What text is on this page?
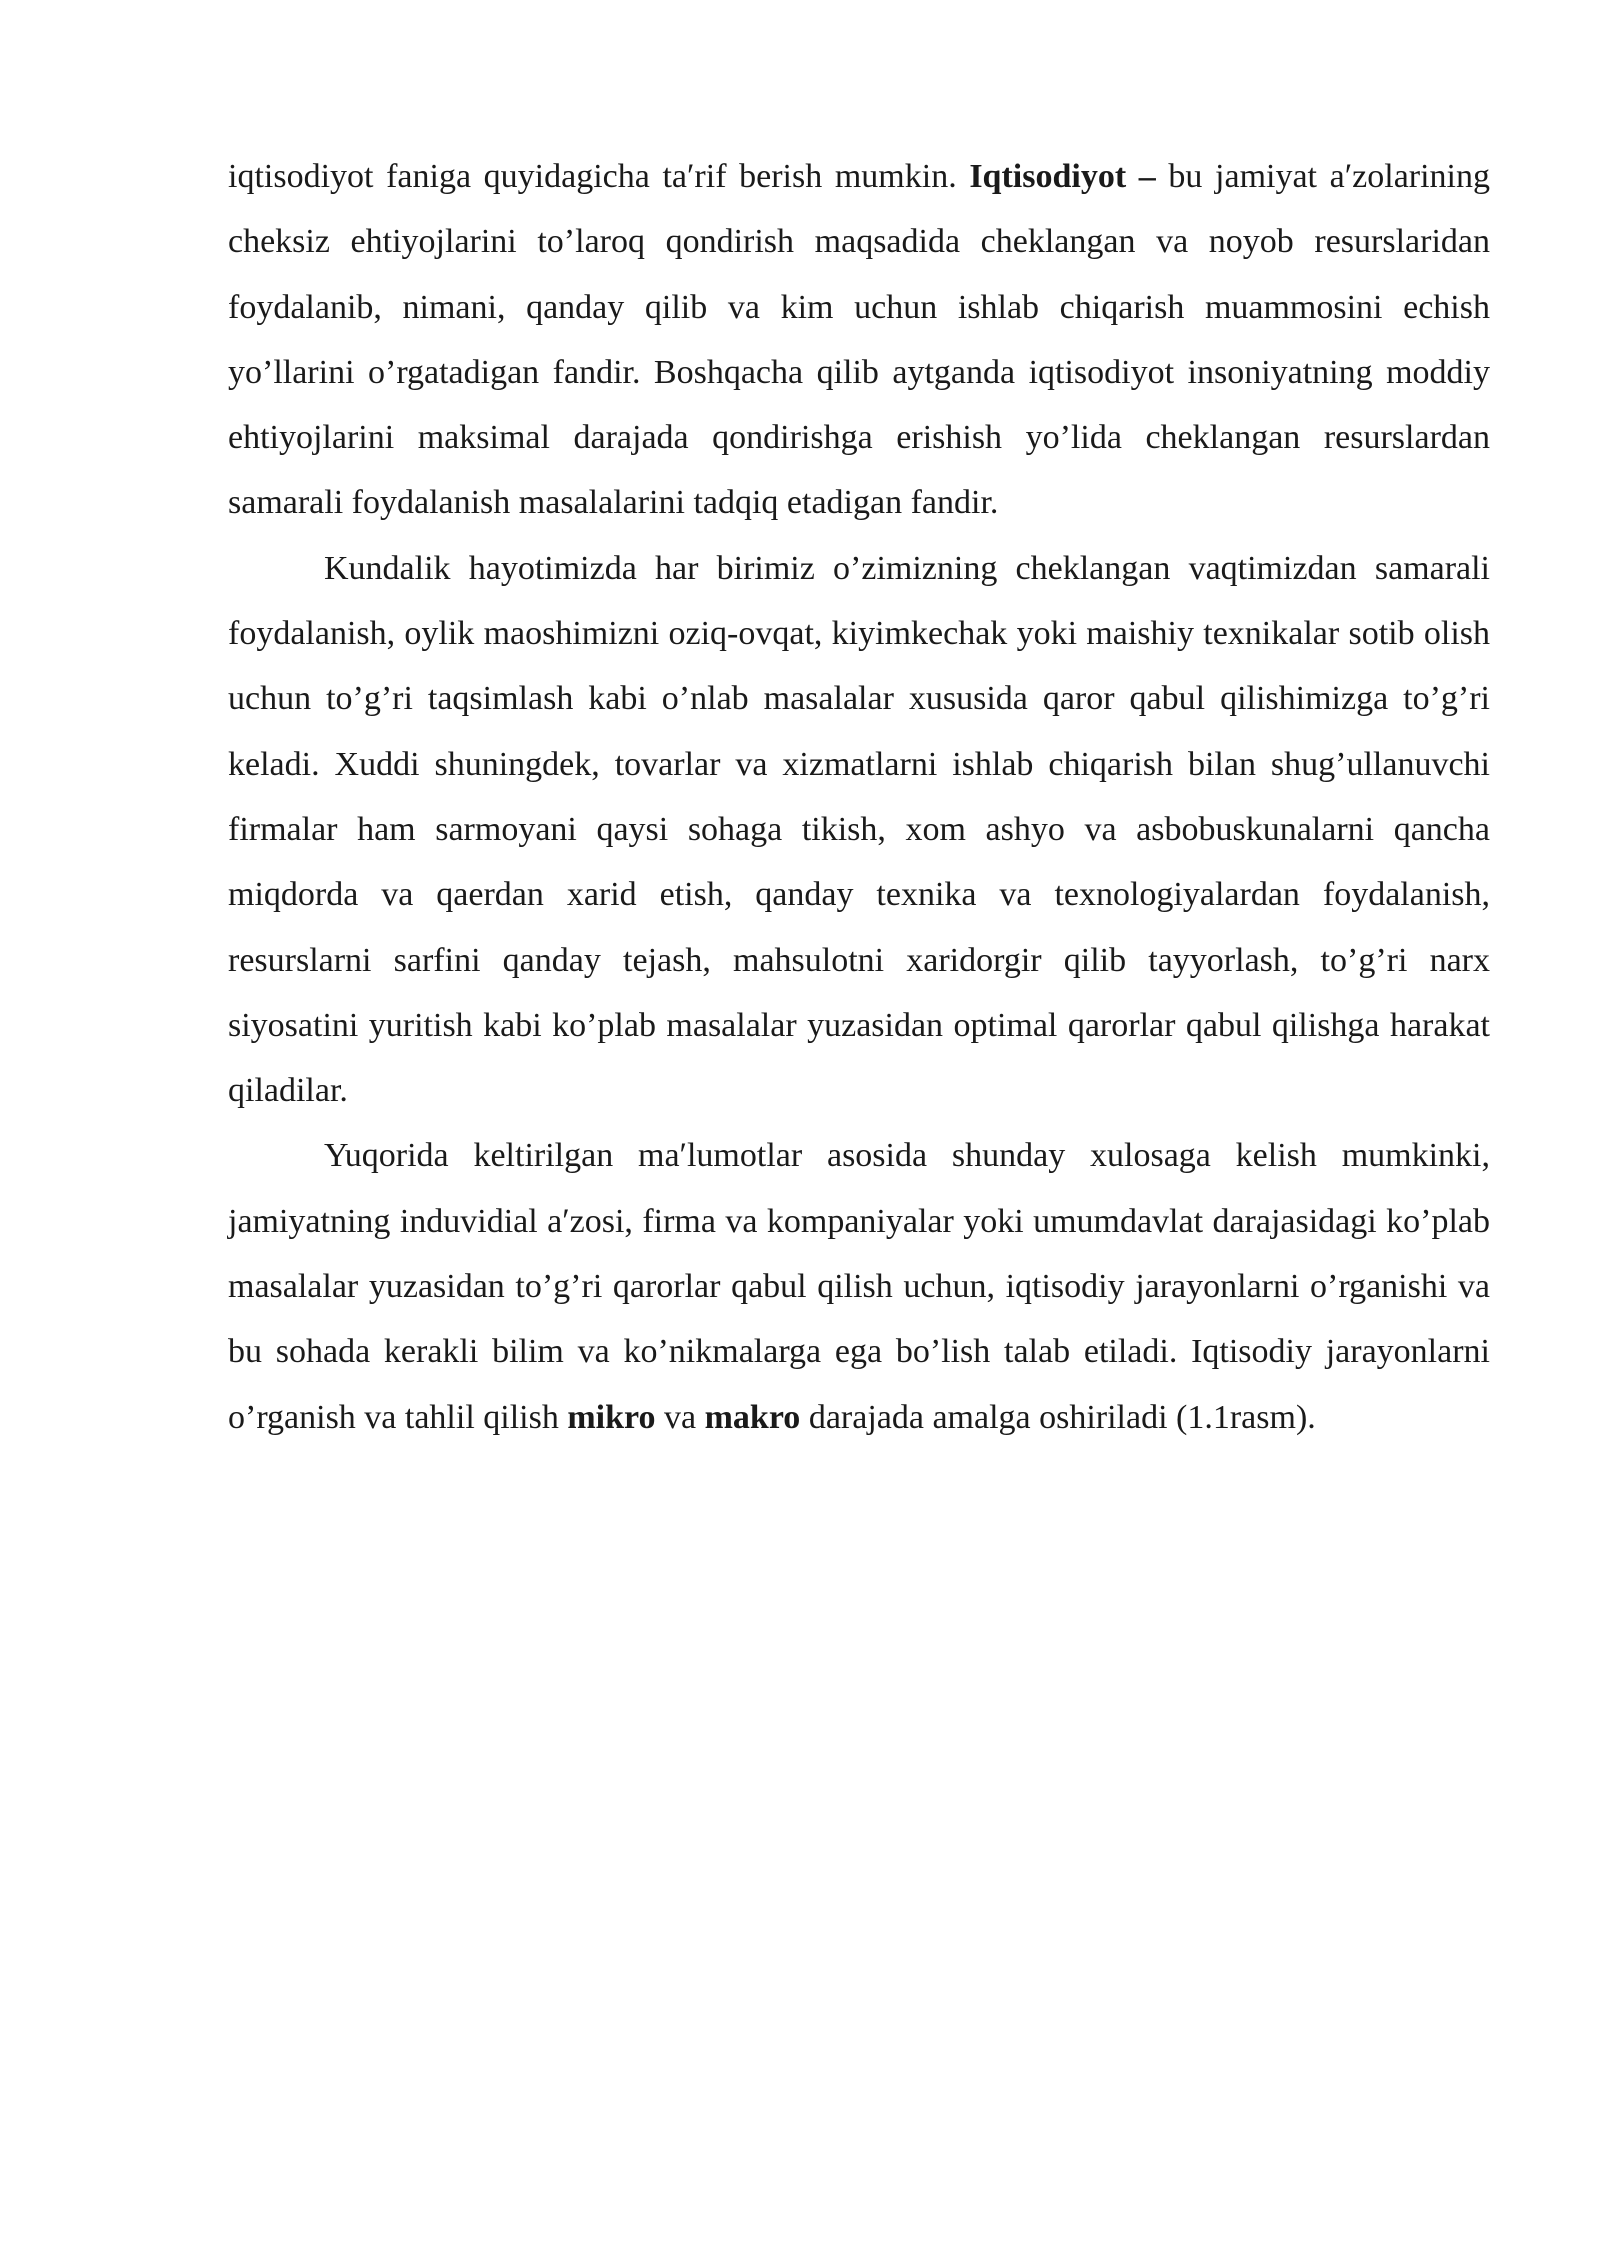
iqtisodiyot faniga quyidagicha taʹrif berish mumkin. Iqtisodiyot – bu jamiyat aʹzolarining cheksiz ehtiyojlarini to’laroq qondirish maqsadida cheklangan va noyob resurslaridan foydalanib, nimani, qanday qilib va kim uchun ishlab chiqarish muammosini echish yo’llarini o’rgatadigan fandir. Boshqacha qilib aytganda iqtisodiyot insoniyatning moddiy ehtiyojlarini maksimal darajada qondirishga erishish yo’lida cheklangan resurslardan samarali foydalanish masalalarini tadqiq etadigan fandir.

Kundalik hayotimizda har birimiz o’zimizning cheklangan vaqtimizdan samarali foydalanish, oylik maoshimizni oziq-ovqat, kiyimkechak yoki maishiy texnikalar sotib olish uchun to’g’ri taqsimlash kabi o’nlab masalalar xususida qaror qabul qilishimizga to’g’ri keladi. Xuddi shuningdek, tovarlar va xizmatlarni ishlab chiqarish bilan shug’ullanuvchi firmalar ham sarmoyani qaysi sohaga tikish, xom ashyo va asbobuskunalarni qancha miqdorda va qaerdan xarid etish, qanday texnika va texnologiyalardan foydalanish, resurslarni sarfini qanday tejash, mahsulotni xaridorgir qilib tayyorlash, to’g’ri narx siyosatini yuritish kabi ko’plab masalalar yuzasidan optimal qarorlar qabul qilishga harakat qiladilar.

Yuqorida keltirilgan maʹlumotlar asosida shunday xulosaga kelish mumkinki, jamiyatning induvidial aʹzosi, firma va kompaniyalar yoki umumdavlat darajasidagi ko’plab masalalar yuzasidan to’g’ri qarorlar qabul qilish uchun, iqtisodiy jarayonlarni o’rganishi va bu sohada kerakli bilim va ko’nikmalarga ega bo’lish talab etiladi. Iqtisodiy jarayonlarni o’rganish va tahlil qilish mikro va makro darajada amalga oshiriladi (1.1rasm).
